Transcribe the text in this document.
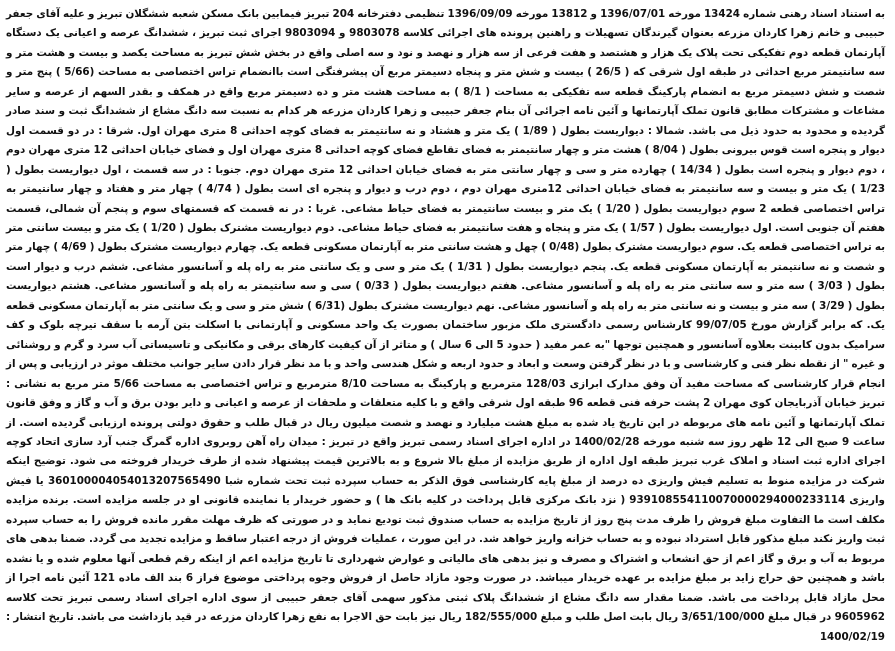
به استناد اسناد رهنی شماره 13424 مورخه 1396/07/01 و 13812 مورخه 1396/09/09 تنظیمی دفترخانه 204 تبریز فیمابین بانک مسکن شعبه ششگلان تبریز و علیه آقای جعفر حبیبی و خانم زهرا کاردان مزرعه بعنوان گیرندگان تسهیلات و راهنین پرونده های اجرائی کلاسه 9803078 و 9803094 اجرای ثبت تبریز ، ششدانگ عرصه و اعیانی یک دستگاه آپارتمان قطعه دوم تفکیکی تحت پلاک یک هزار و هشتصد و هفت فرعی از سه هزار و نهصد و نود و سه اصلی واقع در بخش شش تبریز به مساحت یکصد و بیست و هشت متر و سه سانتیمتر مربع احداثی در طبقه اول شرقی که ( 26/5 ) بیست و شش متر و پنجاه دسیمتر مربع آن پیشرفتگی است باانضمام تراس اختصاصی به مساحت (5/66 ) پنج متر و شصت و شش دسیمتر مربع به انضمام پارکینگ قطعه سه تفکیکی به مساحت ( 8/1 ) به مساحت هشت متر و ده دسیمتر مربع واقع در همکف و بقدر السهم از عرصه و سایر مشاعات و مشترکات مطابق قانون تملک آپارتمانها و آئین نامه اجرائی آن بنام جعفر حبیبی و زهرا کاردان مزرعه هر کدام به نسبت سه دانگ مشاع از ششدانگ ثبت و سند صادر گردیده و محدود به حدود ذیل می باشد. شمالا : دیواریست بطول ( 1/89 ) یک متر و هشتاد و نه سانتیمتر به فضای کوچه احداثی 8 متری مهران اول. شرقا : در دو قسمت اول دیوار و پنجره است قوس بیرونی بطول ( 8/04 ) هشت متر و چهار سانتیمتر به فضای تقاطع فضای کوچه احداثی 8 متری مهران اول و فضای خیابان احداثی 12 متری مهران دوم ، دوم دیوار و پنجره است بطول ( 14/34 ) چهارده متر و سی و چهار سانتی متر به فضای خیابان احداثی 12 متری مهران دوم. جنوبا : در سه قسمت ، اول دیواریست بطول ( 1/23 ) یک متر و بیست و سه سانتیمتر به فضای خیابان احداثی 12متری مهران دوم ، دوم درب و دیوار و پنجره ای است بطول ( 4/74 ) چهار متر و هفتاد و چهار سانتیمتر به تراس اختصاصی قطعه 2 سوم دیواریست بطول ( 1/20 ) یک متر و بیست سانتیمتر به فضای حیاط مشاعی. غربا : در نه قسمت که قسمتهای سوم و پنجم آن شمالی، قسمت هفتم آن جنوبی است. اول دیواریست بطول ( 1/57 ) یک متر و پنجاه و هفت سانتیمتر به فضای حیاط مشاعی. دوم دیواریست مشترک بطول ( 1/20 ) یک متر و بیست سانتی متر به تراس اختصاصی قطعه یک. سوم دیواریست مشترک بطول (0/48 ) چهل و هشت سانتی متر به آپارتمان مسکونی قطعه یک. چهارم دیواریست مشترک بطول ( 4/69 ) چهار متر و شصت و نه سانتیمتر به آپارتمان مسکونی قطعه یک. پنجم دیواریست بطول ( 1/31 ) یک متر و سی و یک سانتی متر به راه پله و آسانسور مشاعی. ششم درب و دیوار است بطول ( 3/03 ) سه متر و سه سانتی متر به راه پله و آسانسور مشاعی. هفتم دیواریست بطول ( 0/33 ) سی و سه سانتیمتر به راه پله و آسانسور مشاعی. هشتم دیواریست بطول ( 3/29 ) سه متر و بیست و نه سانتی متر به راه پله و آسانسور مشاعی. نهم دیواریست مشترک بطول (6/31 ) شش متر و سی و یک سانتی متر به آپارتمان مسکونی قطعه یک. که برابر گزارش مورخ 99/07/05 کارشناس رسمی دادگستری ملک مزبور ساختمان بصورت یک واحد مسکونی و آپارتمانی با اسکلت بتن آرمه با سقف تیرچه بلوک و کف سرامیک بدون کابینت بعلاوه آسانسور و همچنین توجها "به عمر مفید ( حدود 5 الی 6 سال ) و متاثر از آن کیفیت کارهای برقی و مکانیکی و تاسیساتی آب سرد و گرم و روشنائی و غیره " از نقطه نظر فنی و کارشناسی و با در نظر گرفتن وسعت و ابعاد و حدود اربعه و شکل هندسی واحد و با مد نظر قرار دادن سایر جوانب مختلف موثر در ارزیابی و پس از انجام قرار کارشناسی که مساحت مفید آن وفق مدارک ابرازی 128/03 مترمربع و پارکینگ به مساحت 8/10 مترمربع و تراس اختصاصی به مساحت 5/66 متر مربع به نشانی : تبریز خیابان آذربایجان کوی مهران 2 پشت حرفه فنی قطعه 96 طبقه اول شرقی واقع و با کلیه متعلقات و ملحقات از عرصه و اعیانی و دایر بودن برق و آب و گاز و وفق قانون تملک آپارتمانها و آئین نامه های مربوطه در این تاریخ یاد شده به مبلغ هشت میلیارد و نهصد و شصت میلیون ریال در قبال طلب و حقوق دولتی پرونده ارزیابی گردیده است. از ساعت 9 صبح الی 12 ظهر روز سه شنبه مورخه 1400/02/28 در اداره اجرای اسناد رسمی تبریز واقع در تبریز : میدان راه آهن روبروی اداره گمرگ جنب آرد سازی اتحاد کوچه اجرای اداره ثبت اسناد و املاک غرب تبریز طبقه اول اداره از طریق مزایده از مبلغ بالا شروع و به بالاترین قیمت پیشنهاد شده از طرف خریدار فروخته می شود. توضیح اینکه شرکت در مزایده منوط به تسلیم فیش واریزی ده درصد از مبلغ پایه کارشناسی فوق الذکر به حساب سپرده ثبت تحت شماره شبا 360100004054013207565490 یا فیش واریزی 939108554110070000294000233114 ( نزد بانک مرکزی قابل پرداخت در کلیه بانک ها ) و حضور خریدار یا نماینده قانونی او در جلسه مزایده است. برنده مزایده مکلف است ما التفاوت مبلغ فروش را ظرف مدت پنج روز از تاریخ مزایده به حساب صندوق ثبت تودیع نماید و در صورتی که ظرف مهلت مقرر مانده فروش را به حساب سپرده ثبت واریز نکند مبلغ مذکور قابل استرداد نبوده و به حساب خزانه واریز خواهد شد. در این صورت ، عملیات فروش از درجه اعتبار ساقط و مزایده تجدید می گردد. ضمنا بدهی های مربوط به آب و برق و گاز اعم از حق انشعاب و اشتراک و مصرف و نیز بدهی های مالیاتی و عوارض شهرداری تا تاریخ مزایده اعم از اینکه رقم قطعی آنها معلوم شده و یا نشده باشد و همچنین حق حراج زاید بر مبلغ مزایده بر عهده خریدار میباشد. در صورت وجود مازاد حاصل از فروش وجوه پرداختی موضوع فراز 6 بند الف ماده 121 آئین نامه اجرا از محل مازاد قابل پرداخت می باشد. ضمنا مقدار سه دانگ مشاع از ششدانگ پلاک ثبتی مذکور سهمی آقای جعفر حبیبی از سوی اداره اجرای اسناد رسمی تبریز تحت کلاسه 9605962 در قبال مبلغ 3/651/100/000 ریال بابت اصل طلب و مبلغ 182/555/000 ریال نیز بابت حق الاجرا به نفع زهرا کاردان مزرعه در قید بازداشت می باشد. تاریخ انتشار : 1400/02/19
